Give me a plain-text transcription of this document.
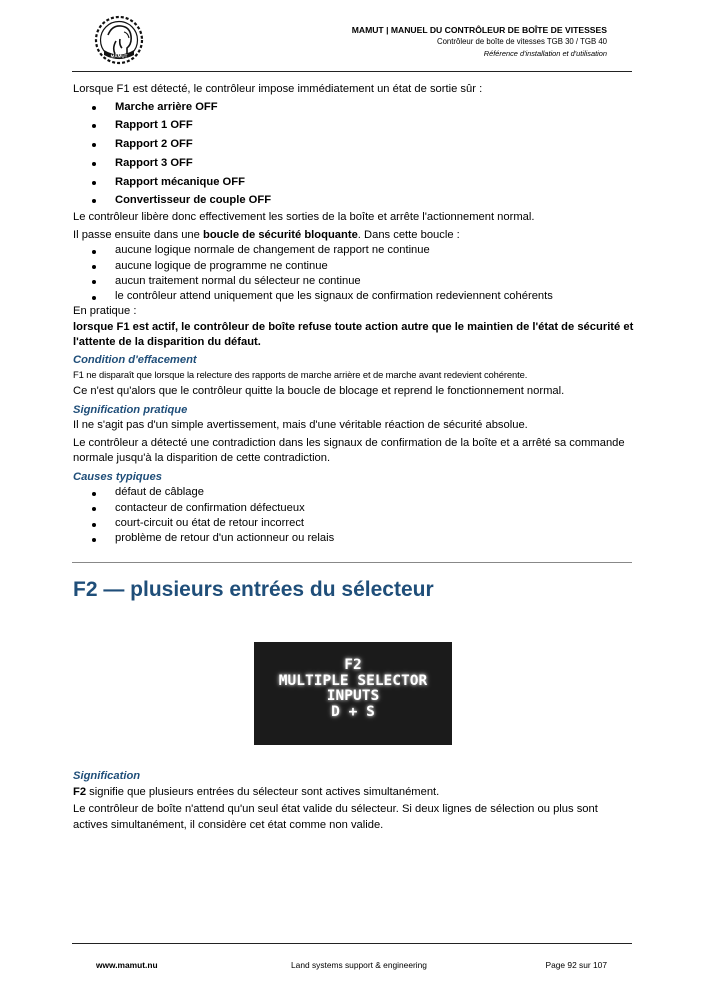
MAMUT
MAMUT | MANUEL DU CONTRÔLEUR DE BOÎTE DE VITESSES
Contrôleur de boîte de vitesses TGB 30 / TGB 40
Référence d'installation et d'utilisation

Lorsque F1 est détecté, le contrôleur impose immédiatement un état de sortie sûr :

Marche arrière OFF
Rapport 1 OFF
Rapport 2 OFF
Rapport 3 OFF
Rapport mécanique OFF
Convertisseur de couple OFF

Le contrôleur libère donc effectivement les sorties de la boîte et arrête l'actionnement normal.

Il passe ensuite dans une boucle de sécurité bloquante. Dans cette boucle :

aucune logique normale de changement de rapport ne continue
aucune logique de programme ne continue
aucun traitement normal du sélecteur ne continue
le contrôleur attend uniquement que les signaux de confirmation redeviennent cohérents

En pratique :

lorsque F1 est actif, le contrôleur de boîte refuse toute action autre que le maintien de l'état de sécurité et l'attente de la disparition du défaut.

Condition d'effacement

F1 ne disparaît que lorsque la relecture des rapports de marche arrière et de marche avant redevient cohérente.

Ce n'est qu'alors que le contrôleur quitte la boucle de blocage et reprend le fonctionnement normal.

Signification pratique

Il ne s'agit pas d'un simple avertissement, mais d'une véritable réaction de sécurité absolue.

Le contrôleur a détecté une contradiction dans les signaux de confirmation de la boîte et a arrêté sa commande normale jusqu'à la disparition de cette contradiction.

Causes typiques
défaut de câblage
contacteur de confirmation défectueux
court-circuit ou état de retour incorrect
problème de retour d'un actionneur ou relais
F2 — plusieurs entrées du sélecteur
F2
MULTIPLE SELECTOR
INPUTS
D + S
Signification

F2 signifie que plusieurs entrées du sélecteur sont actives simultanément.

Le contrôleur de boîte n'attend qu'un seul état valide du sélecteur. Si deux lignes de sélection ou plus sont actives simultanément, il considère cet état comme non valide.

www.mamut.nu	Land systems support & engineering	Page 92 sur 107
